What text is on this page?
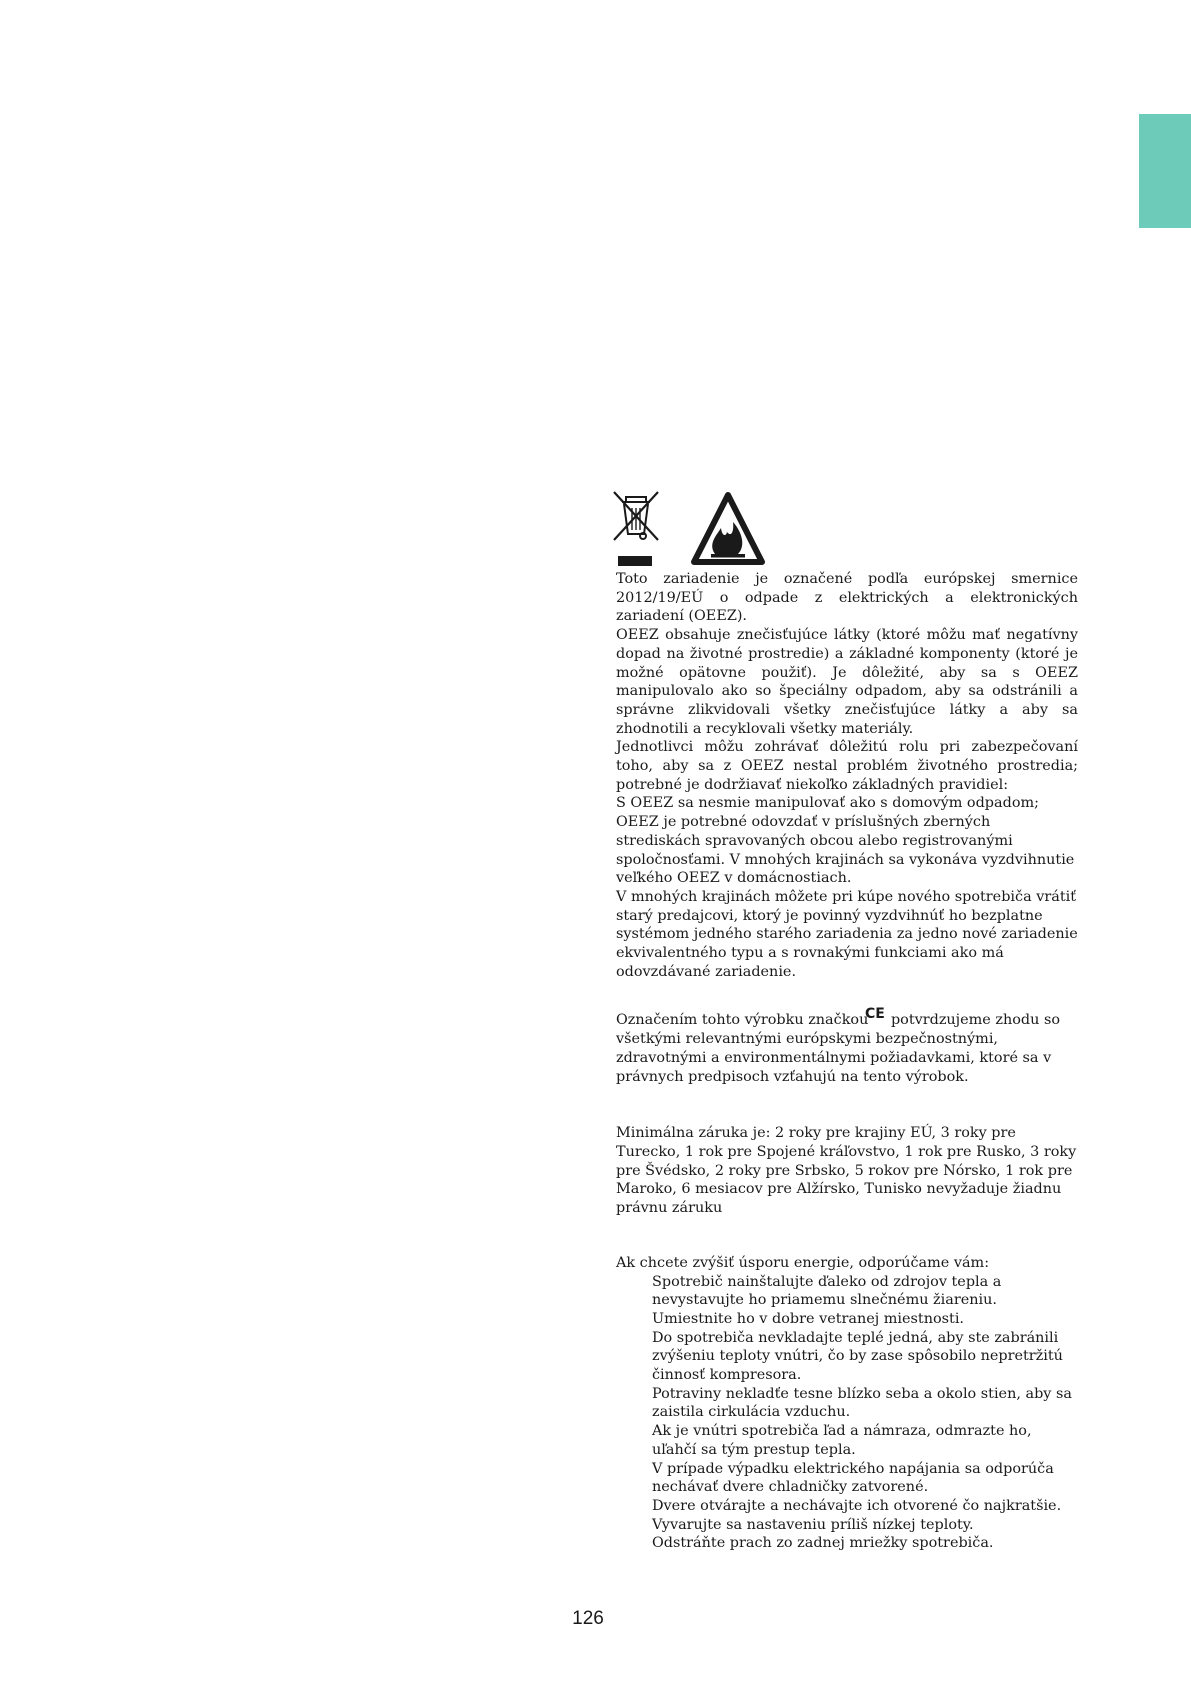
Toto zariadenie je označené podľa európskej smernice 2012/19/EÚ o odpade z elektrických a elektronických zariadení (OEEZ).

OEEZ obsahuje znečisťujúce látky (ktoré môžu mať negatívny dopad na životné prostredie) a základné komponenty (ktoré je možné opätovne použiť). Je dôležité, aby sa s OEEZ manipulovalo ako so špeciálny odpadom, aby sa odstránili a správne zlikvidovali všetky znečisťujúce látky a aby sa zhodnotili a recyklovali všetky materiály.

Jednotlivci môžu zohrávať dôležitú rolu pri zabezpečovaní toho, aby sa z OEEZ nestal problém životného prostredia; potrebné je dodržiavať niekoľko základných pravidiel:

S OEEZ sa nesmie manipulovať ako s domovým odpadom;

OEEZ je potrebné odovzdať v príslušných zberných strediskách spravovaných obcou alebo registrovanými spoločnosťami. V mnohých krajinách sa vykonáva vyzdvihnutie veľkého OEEZ v domácnostiach.

V mnohých krajinách môžete pri kúpe nového spotrebiča vrátiť starý predajcovi, ktorý je povinný vyzdvihnúť ho bezplatne systémom jedného starého zariadenia za jedno nové zariadenie ekvivalentného typu a s rovnakými funkciami ako má odovzdávané zariadenie.

Označením tohto výrobku značkou CE potvrdzujeme zhodu so všetkými relevantnými európskymi bezpečnostnými, zdravotnými a environmentálnymi požiadavkami, ktoré sa v právnych predpisoch vzťahujú na tento výrobok.

Minimálna záruka je: 2 roky pre krajiny EÚ, 3 roky pre Turecko, 1 rok pre Spojené kráľovstvo, 1 rok pre Rusko, 3 roky pre Švédsko, 2 roky pre Srbsko, 5 rokov pre Nórsko, 1 rok pre Maroko, 6 mesiacov pre Alžírsko, Tunisko nevyžaduje žiadnu právnu záruku

Ak chcete zvýšiť úsporu energie, odporúčame vám:

Spotrebič nainštalujte ďaleko od zdrojov tepla a nevystavujte ho priamemu slnečnému žiareniu. Umiestnite ho v dobre vetranej miestnosti.

Do spotrebiča nevkladajte teplé jedná, aby ste zabránili zvýšeniu teploty vnútri, čo by zase spôsobilo nepretržitú činnosť kompresora.

Potraviny nekladťe tesne blízko seba a okolo stien, aby sa zaistila cirkulácia vzduchu.

Ak je vnútri spotrebiča ľad a námraza, odmrazte ho, uľahčí sa tým prestup tepla.

V prípade výpadku elektrického napájania sa odporúča nechávať dvere chladničky zatvorené.

Dvere otvárajte a nechávajte ich otvorené čo najkratšie.

Vyvarujte sa nastaveniu príliš nízkej teploty.

Odstráňte prach zo zadnej mriežky spotrebiča.

126
